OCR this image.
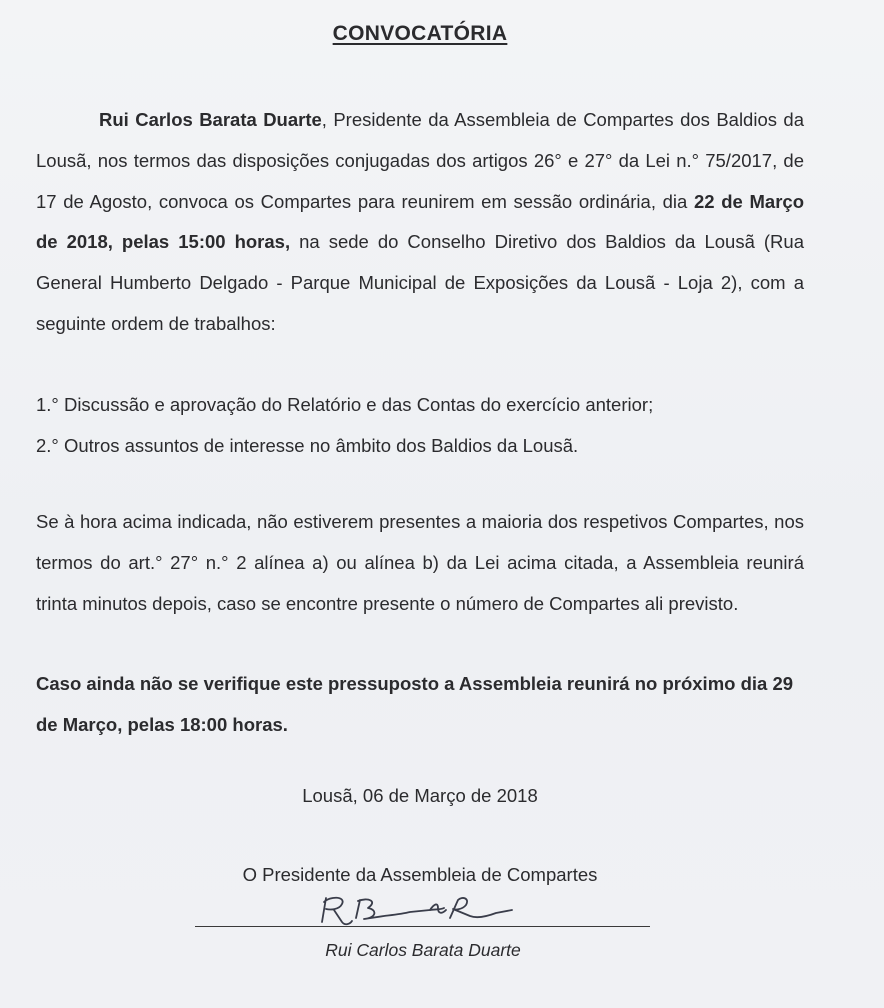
CONVOCATÓRIA

Rui Carlos Barata Duarte, Presidente da Assembleia de Compartes dos Baldios da Lousã, nos termos das disposições conjugadas dos artigos 26° e 27° da Lei n.° 75/2017, de 17 de Agosto, convoca os Compartes para reunirem em sessão ordinária, dia 22 de Março de 2018, pelas 15:00 horas, na sede do Conselho Diretivo dos Baldios da Lousã (Rua General Humberto Delgado - Parque Municipal de Exposições da Lousã - Loja 2), com a seguinte ordem de trabalhos:

1.° Discussão e aprovação do Relatório e das Contas do exercício anterior;
2.° Outros assuntos de interesse no âmbito dos Baldios da Lousã.

Se à hora acima indicada, não estiverem presentes a maioria dos respetivos Compartes, nos termos do art.° 27° n.° 2 alínea a) ou alínea b) da Lei acima citada, a Assembleia reunirá trinta minutos depois, caso se encontre presente o número de Compartes ali previsto.

Caso ainda não se verifique este pressuposto a Assembleia reunirá no próximo dia 29 de Março, pelas 18:00 horas.

Lousã, 06 de Março de 2018
O Presidente da Assembleia de Compartes
Rui Carlos Barata Duarte
